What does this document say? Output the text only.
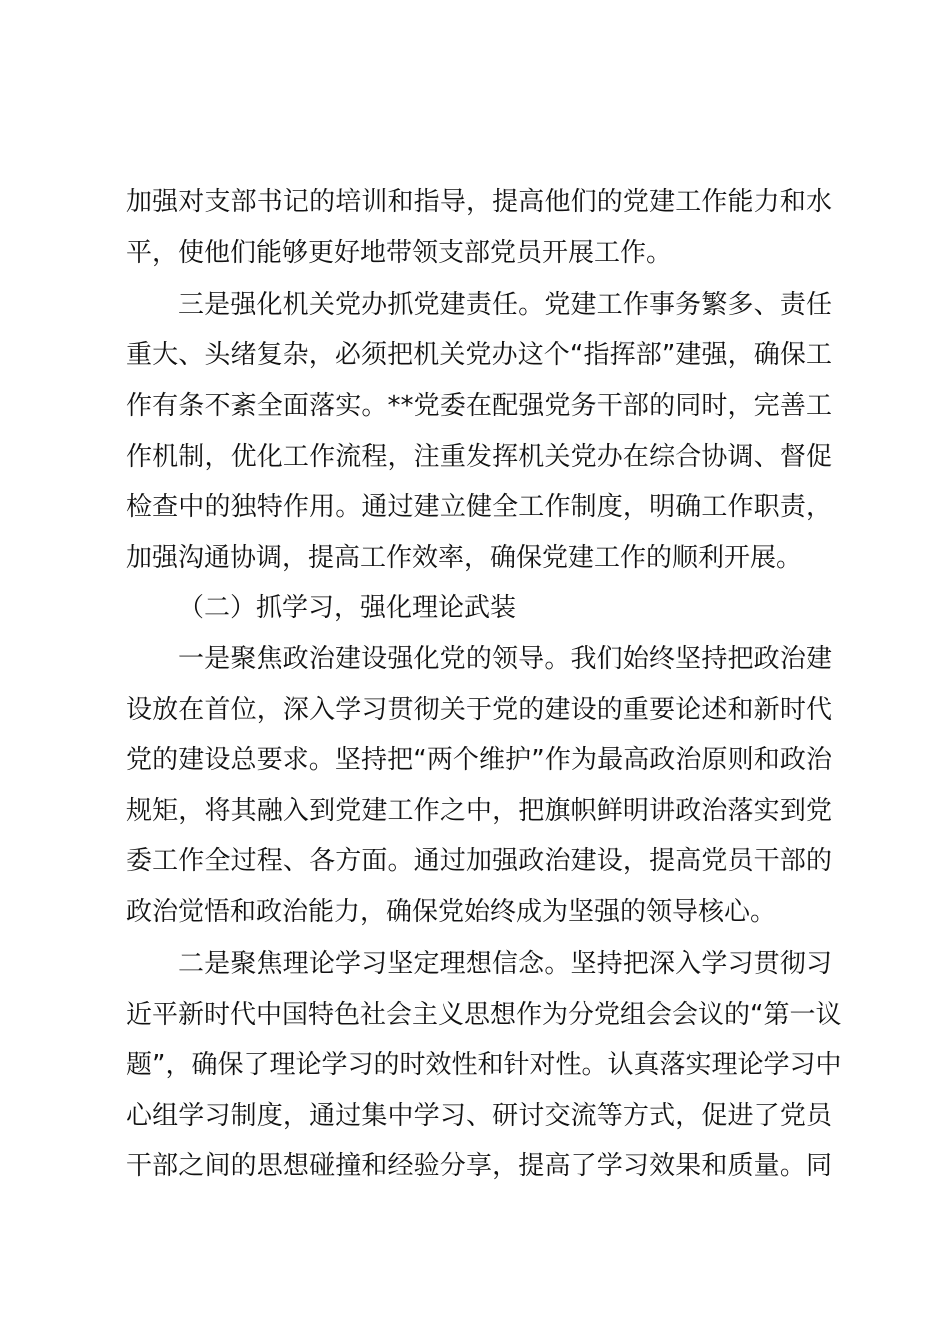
加强对支部书记的培训和指导，提高他们的党建工作能力和水
平，使他们能够更好地带领支部党员开展工作。
三是强化机关党办抓党建责任。党建工作事务繁多、责任
重大、头绪复杂，必须把机关党办这个“指挥部”建强，确保工
作有条不紊全面落实。**党委在配强党务干部的同时，完善工
作机制，优化工作流程，注重发挥机关党办在综合协调、督促
检查中的独特作用。通过建立健全工作制度，明确工作职责，
加强沟通协调，提高工作效率，确保党建工作的顺利开展。
（二）抓学习，强化理论武装
一是聚焦政治建设强化党的领导。我们始终坚持把政治建
设放在首位，深入学习贯彻关于党的建设的重要论述和新时代
党的建设总要求。坚持把“两个维护”作为最高政治原则和政治
规矩，将其融入到党建工作之中，把旗帜鲜明讲政治落实到党
委工作全过程、各方面。通过加强政治建设，提高党员干部的
政治觉悟和政治能力，确保党始终成为坚强的领导核心。
二是聚焦理论学习坚定理想信念。坚持把深入学习贯彻习
近平新时代中国特色社会主义思想作为分党组会会议的“第一议
题”，确保了理论学习的时效性和针对性。认真落实理论学习中
心组学习制度，通过集中学习、研讨交流等方式，促进了党员
干部之间的思想碰撞和经验分享，提高了学习效果和质量。同
